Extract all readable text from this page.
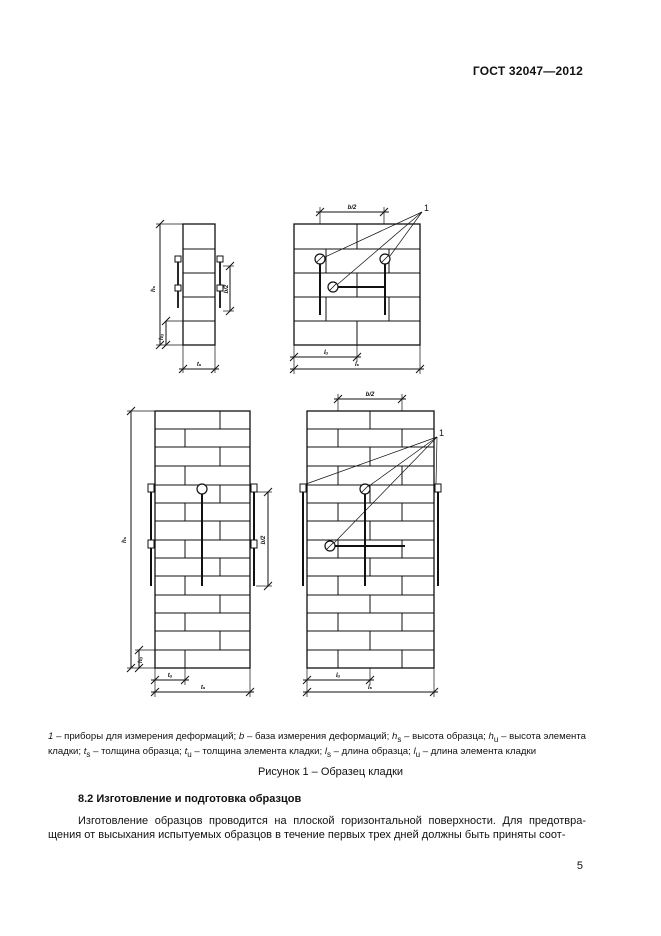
ГОСТ 32047—2012
hₛ
hᵤ
b/2
tₛ
b/2
lᵤ
lₛ
hₛ
hᵤ
b/2
tᵤ
tₛ
b/2
lᵤ
lₛ
1
1
1 – приборы для измерения деформаций; b – база измерения деформаций; $h_s$ – высота образца; $h_u$ – высота элемента кладки; $t_s$ – толщина образца; $t_u$ – толщина элемента кладки; $l_s$ – длина образца; $l_u$ – длина элемента кладки
Рисунок 1 – Образец кладки
8.2 Изготовление и подготовка образцов
Изготовление образцов проводится на плоской горизонтальной поверхности. Для предотвра-щения от высыхания испытуемых образцов в течение первых трех дней должны быть приняты соот-
5
